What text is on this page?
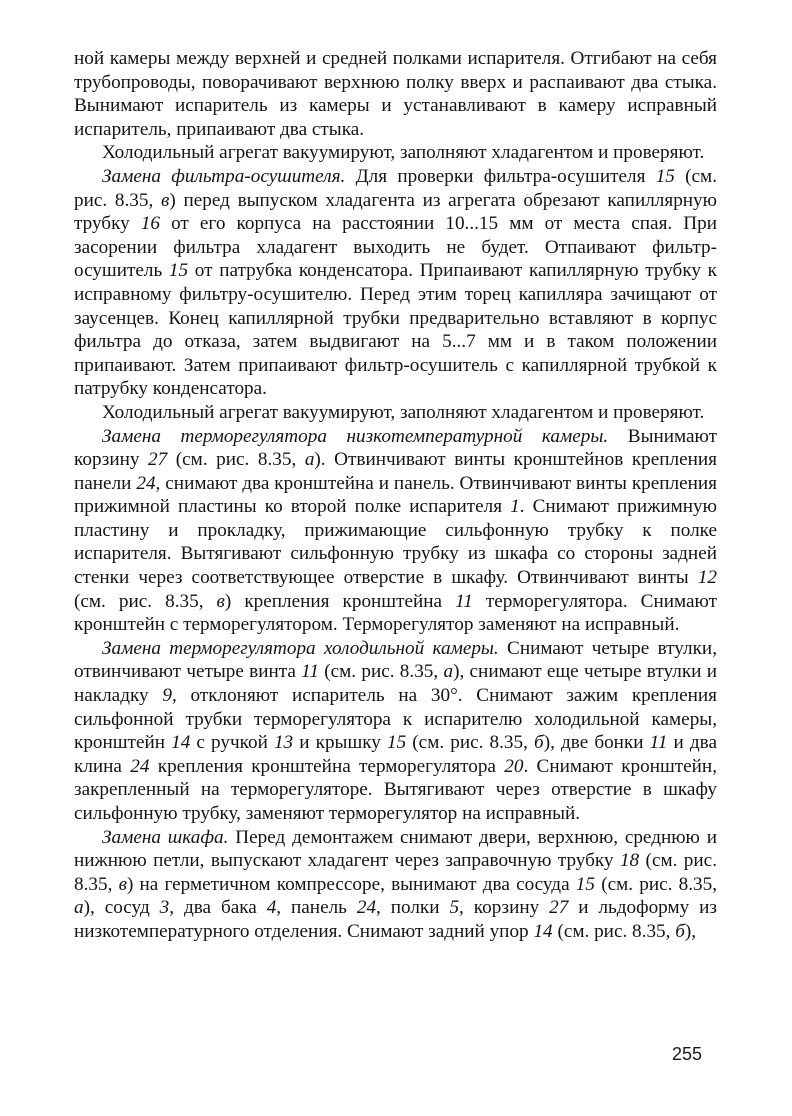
ной камеры между верхней и средней полками испарителя. Отгибают на себя трубопроводы, поворачивают верхнюю полку вверх и распаивают два стыка. Вынимают испаритель из камеры и устанавливают в камеру исправный испаритель, припаивают два стыка.

Холодильный агрегат вакуумируют, заполняют хладагентом и проверяют.

Замена фильтра-осушителя. Для проверки фильтра-осушителя 15 (см. рис. 8.35, в) перед выпуском хладагента из агрегата обрезают капиллярную трубку 16 от его корпуса на расстоянии 10...15 мм от места спая. При засорении фильтра хладагент выходить не будет. Отпаивают фильтр-осушитель 15 от патрубка конденсатора. Припаивают капиллярную трубку к исправному фильтру-осушителю. Перед этим торец капилляра зачищают от заусенцев. Конец капиллярной трубки предварительно вставляют в корпус фильтра до отказа, затем выдвигают на 5...7 мм и в таком положении припаивают. Затем припаивают фильтр-осушитель с капиллярной трубкой к патрубку конденсатора.

Холодильный агрегат вакуумируют, заполняют хладагентом и проверяют.

Замена терморегулятора низкотемпературной камеры. Вынимают корзину 27 (см. рис. 8.35, а). Отвинчивают винты кронштейнов крепления панели 24, снимают два кронштейна и панель. Отвинчивают винты крепления прижимной пластины ко второй полке испарителя 1. Снимают прижимную пластину и прокладку, прижимающие сильфонную трубку к полке испарителя. Вытягивают сильфонную трубку из шкафа со стороны задней стенки через соответствующее отверстие в шкафу. Отвинчивают винты 12 (см. рис. 8.35, в) крепления кронштейна 11 терморегулятора. Снимают кронштейн с терморегулятором. Терморегулятор заменяют на исправный.

Замена терморегулятора холодильной камеры. Снимают четыре втулки, отвинчивают четыре винта 11 (см. рис. 8.35, а), снимают еще четыре втулки и накладку 9, отклоняют испаритель на 30°. Снимают зажим крепления сильфонной трубки терморегулятора к испарителю холодильной камеры, кронштейн 14 с ручкой 13 и крышку 15 (см. рис. 8.35, б), две бонки 11 и два клина 24 крепления кронштейна терморегулятора 20. Снимают кронштейн, закрепленный на терморегуляторе. Вытягивают через отверстие в шкафу сильфонную трубку, заменяют терморегулятор на исправный.

Замена шкафа. Перед демонтажем снимают двери, верхнюю, среднюю и нижнюю петли, выпускают хладагент через заправочную трубку 18 (см. рис. 8.35, в) на герметичном компрессоре, вынимают два сосуда 15 (см. рис. 8.35, а), сосуд 3, два бака 4, панель 24, полки 5, корзину 27 и льдоформу из низкотемпературного отделения. Снимают задний упор 14 (см. рис. 8.35, б),

255
